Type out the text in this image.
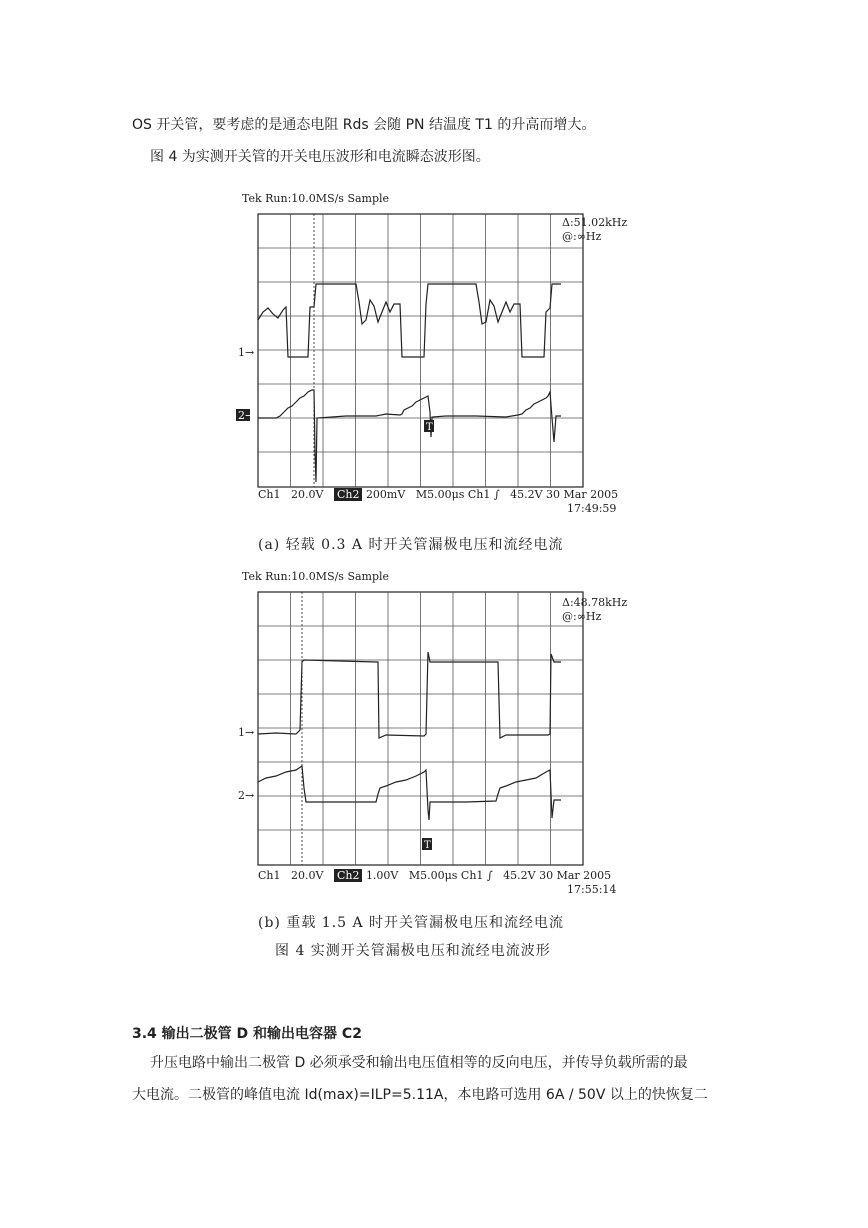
OS 开关管，要考虑的是通态电阻 Rds 会随 PN 结温度 T1 的升高而增大。
图 4 为实测开关管的开关电压波形和电流瞬态波形图。
Tek Run:10.0MS/s Sample
1→
2→
T
Δ:51.02kHz
@:∞Hz
Ch1 20.0V Ch2 200mV M5.00μs Ch1 ∫ 45.2V 30 Mar 2005
17:49:59
(a) 轻载 0.3 A 时开关管漏极电压和流经电流
Tek Run:10.0MS/s Sample
1→
2→
T
Δ:48.78kHz
@:∞Hz
Ch1 20.0V Ch2 1.00V M5.00μs Ch1 ∫ 45.2V 30 Mar 2005
17:55:14
(b) 重载 1.5 A 时开关管漏极电压和流经电流
图 4 实测开关管漏极电压和流经电流波形
3.4 输出二极管 D 和输出电容器 C2
升压电路中输出二极管 D 必须承受和输出电压值相等的反向电压，并传导负载所需的最
大电流。二极管的峰值电流 Id(max)=ILP=5.11A，本电路可选用 6A / 50V 以上的快恢复二
